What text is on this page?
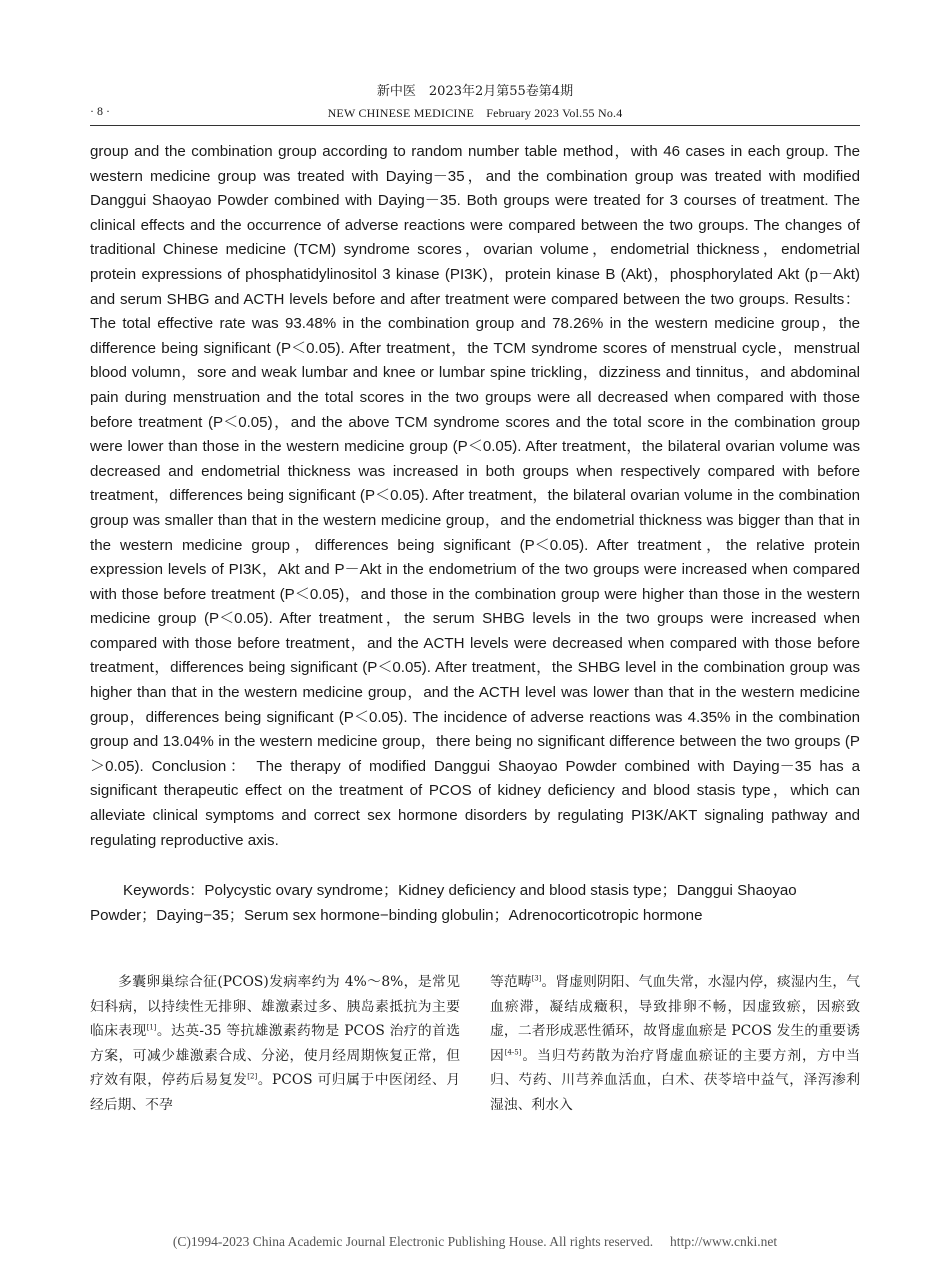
新中医　2023年2月第55卷第4期
· 8 ·	NEW CHINESE MEDICINE　February 2023 Vol.55 No.4
group and the combination group according to random number table method，with 46 cases in each group. The western medicine group was treated with Daying－35，and the combination group was treated with modified Danggui Shaoyao Powder combined with Daying－35. Both groups were treated for 3 courses of treatment. The clinical effects and the occurrence of adverse reactions were compared between the two groups. The changes of traditional Chinese medicine (TCM) syndrome scores，ovarian volume，endometrial thickness，endometrial protein expressions of phosphatidylinositol 3 kinase (PI3K)，protein kinase B (Akt)，phosphorylated Akt (p－Akt) and serum SHBG and ACTH levels before and after treatment were compared between the two groups. Results： The total effective rate was 93.48% in the combination group and 78.26% in the western medicine group，the difference being significant (P＜0.05). After treatment，the TCM syndrome scores of menstrual cycle，menstrual blood volumn，sore and weak lumbar and knee or lumbar spine trickling，dizziness and tinnitus，and abdominal pain during menstruation and the total scores in the two groups were all decreased when compared with those before treatment (P＜0.05)，and the above TCM syndrome scores and the total score in the combination group were lower than those in the western medicine group (P＜0.05). After treatment，the bilateral ovarian volume was decreased and endometrial thickness was increased in both groups when respectively compared with before treatment，differences being significant (P＜0.05). After treatment，the bilateral ovarian volume in the combination group was smaller than that in the western medicine group，and the endometrial thickness was bigger than that in the western medicine group，differences being significant (P＜0.05). After treatment，the relative protein expression levels of PI3K，Akt and P－Akt in the endometrium of the two groups were increased when compared with those before treatment (P＜0.05)，and those in the combination group were higher than those in the western medicine group (P＜0.05). After treatment，the serum SHBG levels in the two groups were increased when compared with those before treatment，and the ACTH levels were decreased when compared with those before treatment，differences being significant (P＜0.05). After treatment，the SHBG level in the combination group was higher than that in the western medicine group，and the ACTH level was lower than that in the western medicine group，differences being significant (P＜0.05). The incidence of adverse reactions was 4.35% in the combination group and 13.04% in the western medicine group，there being no significant difference between the two groups (P＞0.05). Conclusion： The therapy of modified Danggui Shaoyao Powder combined with Daying－35 has a significant therapeutic effect on the treatment of PCOS of kidney deficiency and blood stasis type，which can alleviate clinical symptoms and correct sex hormone disorders by regulating PI3K/AKT signaling pathway and regulating reproductive axis.
Keywords：Polycystic ovary syndrome；Kidney deficiency and blood stasis type；Danggui Shaoyao Powder；Daying−35；Serum sex hormone−binding globulin；Adrenocorticotropic hormone
多囊卵巢综合征(PCOS)发病率约为 4%～8%，是常见妇科病，以持续性无排卵、雄激素过多、胰岛素抵抗为主要临床表现[1]。达英-35 等抗雄激素药物是 PCOS 治疗的首选方案，可减少雄激素合成、分泌，使月经周期恢复正常，但疗效有限，停药后易复发[2]。PCOS 可归属于中医闭经、月经后期、不孕
等范畴[3]。肾虚则阴阳、气血失常，水湿内停，痰湿内生，气血瘀滞，凝结成癥积，导致排卵不畅，因虚致瘀，因瘀致虚，二者形成恶性循环，故肾虚血瘀是 PCOS 发生的重要诱因[4-5]。当归芍药散为治疗肾虚血瘀证的主要方剂，方中当归、芍药、川芎养血活血，白术、茯苓培中益气，泽泻渗利湿浊、利水入
(C)1994-2023 China Academic Journal Electronic Publishing House. All rights reserved.　 http://www.cnki.net
